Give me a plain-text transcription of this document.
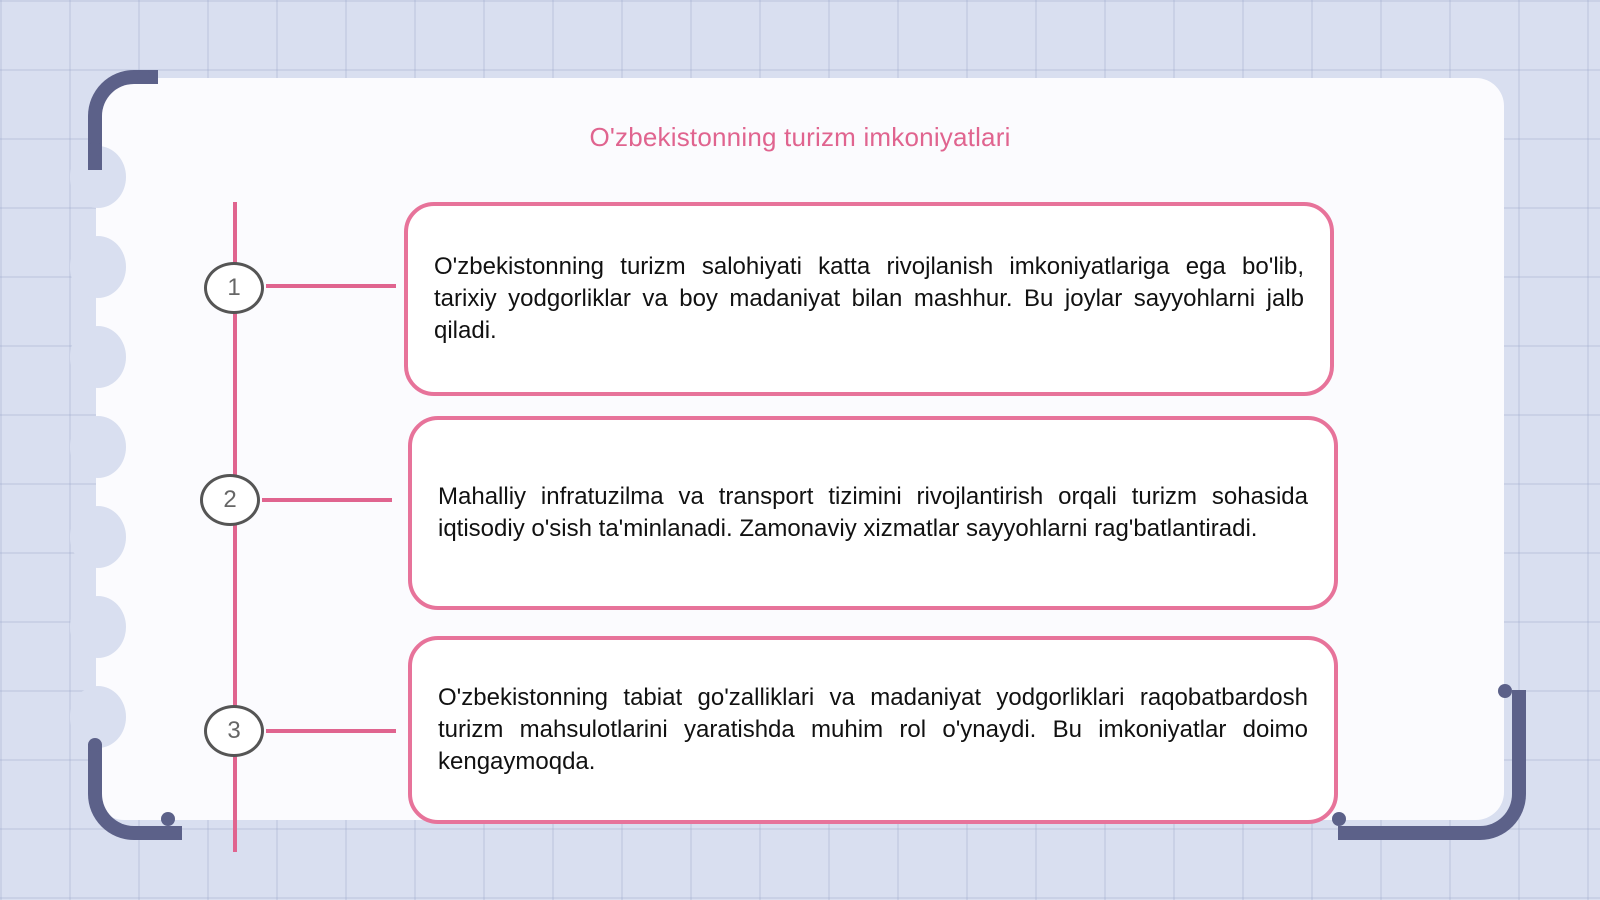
O'zbekistonning turizm imkoniyatlari
1
2
3

O'zbekistonning turizm salohiyati katta rivojlanish imkoniyatlariga ega bo'lib, tarixiy yodgorliklar va boy madaniyat bilan mashhur. Bu joylar sayyohlarni jalb qiladi.

Mahalliy infratuzilma va transport tizimini rivojlantirish orqali turizm sohasida iqtisodiy o'sish ta'minlanadi. Zamonaviy xizmatlar sayyohlarni rag'batlantiradi.

O'zbekistonning tabiat go'zalliklari va madaniyat yodgorliklari raqobatbardosh turizm mahsulotlarini yaratishda muhim rol o'ynaydi. Bu imkoniyatlar doimo kengaymoqda.
